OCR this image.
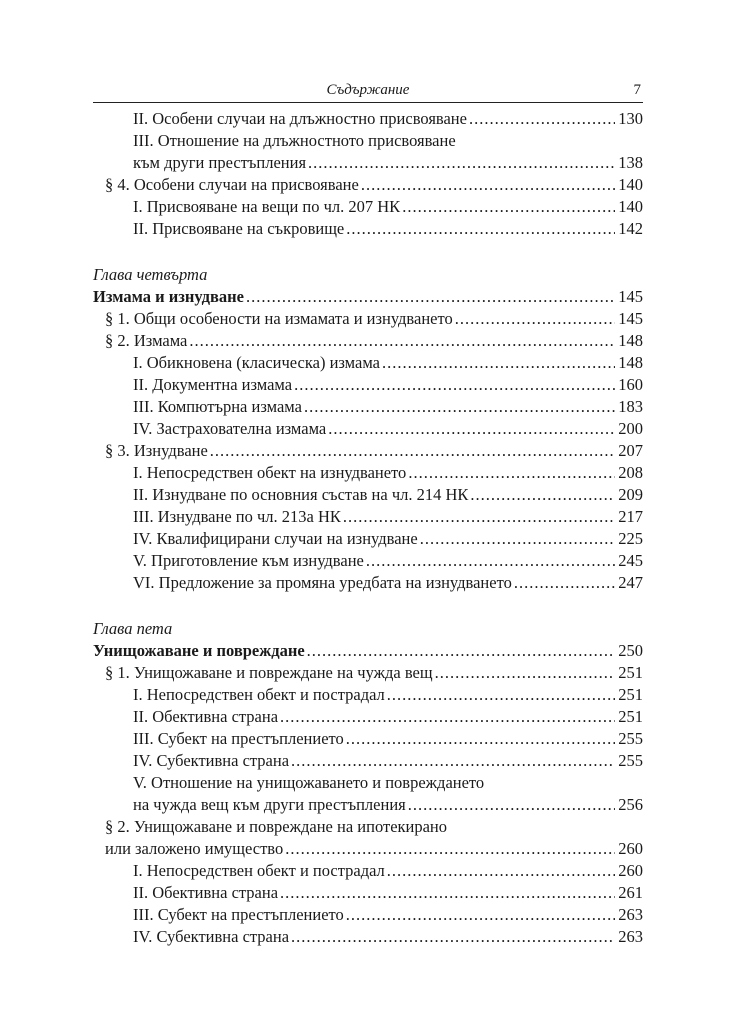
Съдържание	7
II. Особени случаи на длъжностно присвояване .....	130
III. Отношение на длъжностното присвояване
към други престъпления .....	138
§ 4. Особени случаи на присвояване .....	140
I. Присвояване на вещи по чл. 207 НК .....	140
II. Присвояване на съкровище .....	142
Глава четвърта
Измама и изнудване .....	145
§ 1. Общи особености на измамата и изнудването .....	145
§ 2. Измама .....	148
I. Обикновена (класическа) измама .....	148
II. Документна измама .....	160
III. Компютърна измама .....	183
IV. Застрахователна измама .....	200
§ 3. Изнудване .....	207
I. Непосредствен обект на изнудването .....	208
II. Изнудване по основния състав на чл. 214 НК .....	209
III. Изнудване по чл. 213а НК .....	217
IV. Квалифицирани случаи на изнудване .....	225
V. Приготовление към изнудване .....	245
VI. Предложение за промяна уредбата на изнудването .....	247
Глава пета
Унищожаване и повреждане .....	250
§ 1. Унищожаване и повреждане на чужда вещ .....	251
I. Непосредствен обект и пострадал .....	251
II. Обективна страна .....	251
III. Субект на престъплението .....	255
IV. Субективна страна .....	255
V. Отношение на унищожаването и повреждането
на чужда вещ към други престъпления .....	256
§ 2. Унищожаване и повреждане на ипотекирано
или заложено имущество .....	260
I. Непосредствен обект и пострадал .....	260
II. Обективна страна .....	261
III. Субект на престъплението .....	263
IV. Субективна страна .....	263
